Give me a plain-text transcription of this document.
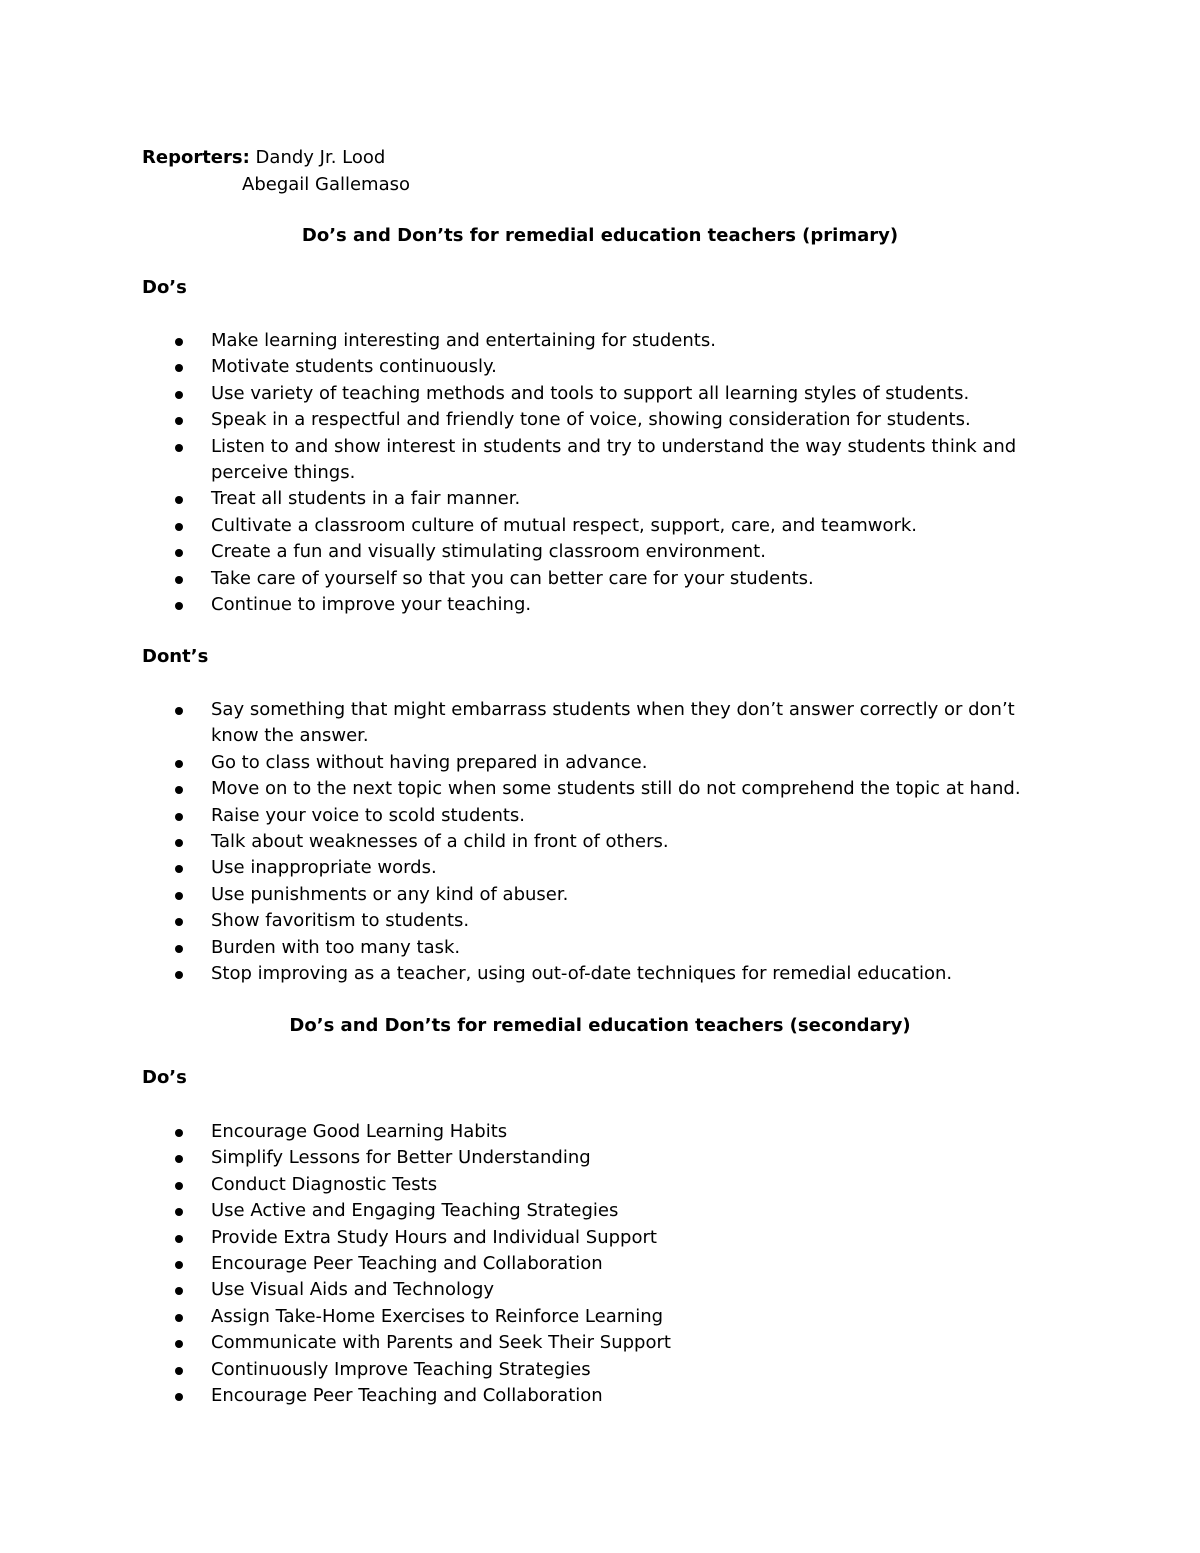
Reporters: Dandy Jr. Lood
Abegail Gallemaso
Do’s and Don’ts for remedial education teachers (primary)
Do’s
Make learning interesting and entertaining for students.
Motivate students continuously.
Use variety of teaching methods and tools to support all learning styles of students.
Speak in a respectful and friendly tone of voice, showing consideration for students.
Listen to and show interest in students and try to understand the way students think and perceive things.
Treat all students in a fair manner.
Cultivate a classroom culture of mutual respect, support, care, and teamwork.
Create a fun and visually stimulating classroom environment.
Take care of yourself so that you can better care for your students.
Continue to improve your teaching.
Dont’s
Say something that might embarrass students when they don’t answer correctly or don’t know the answer.
Go to class without having prepared in advance.
Move on to the next topic when some students still do not comprehend the topic at hand.
Raise your voice to scold students.
Talk about weaknesses of a child in front of others.
Use inappropriate words.
Use punishments or any kind of abuser.
Show favoritism to students.
Burden with too many task.
Stop improving as a teacher, using out-of-date techniques for remedial education.
Do’s and Don’ts for remedial education teachers (secondary)
Do’s
Encourage Good Learning Habits
Simplify Lessons for Better Understanding
Conduct Diagnostic Tests
Use Active and Engaging Teaching Strategies
Provide Extra Study Hours and Individual Support
Encourage Peer Teaching and Collaboration
Use Visual Aids and Technology
Assign Take-Home Exercises to Reinforce Learning
Communicate with Parents and Seek Their Support
Continuously Improve Teaching Strategies
Encourage Peer Teaching and Collaboration
